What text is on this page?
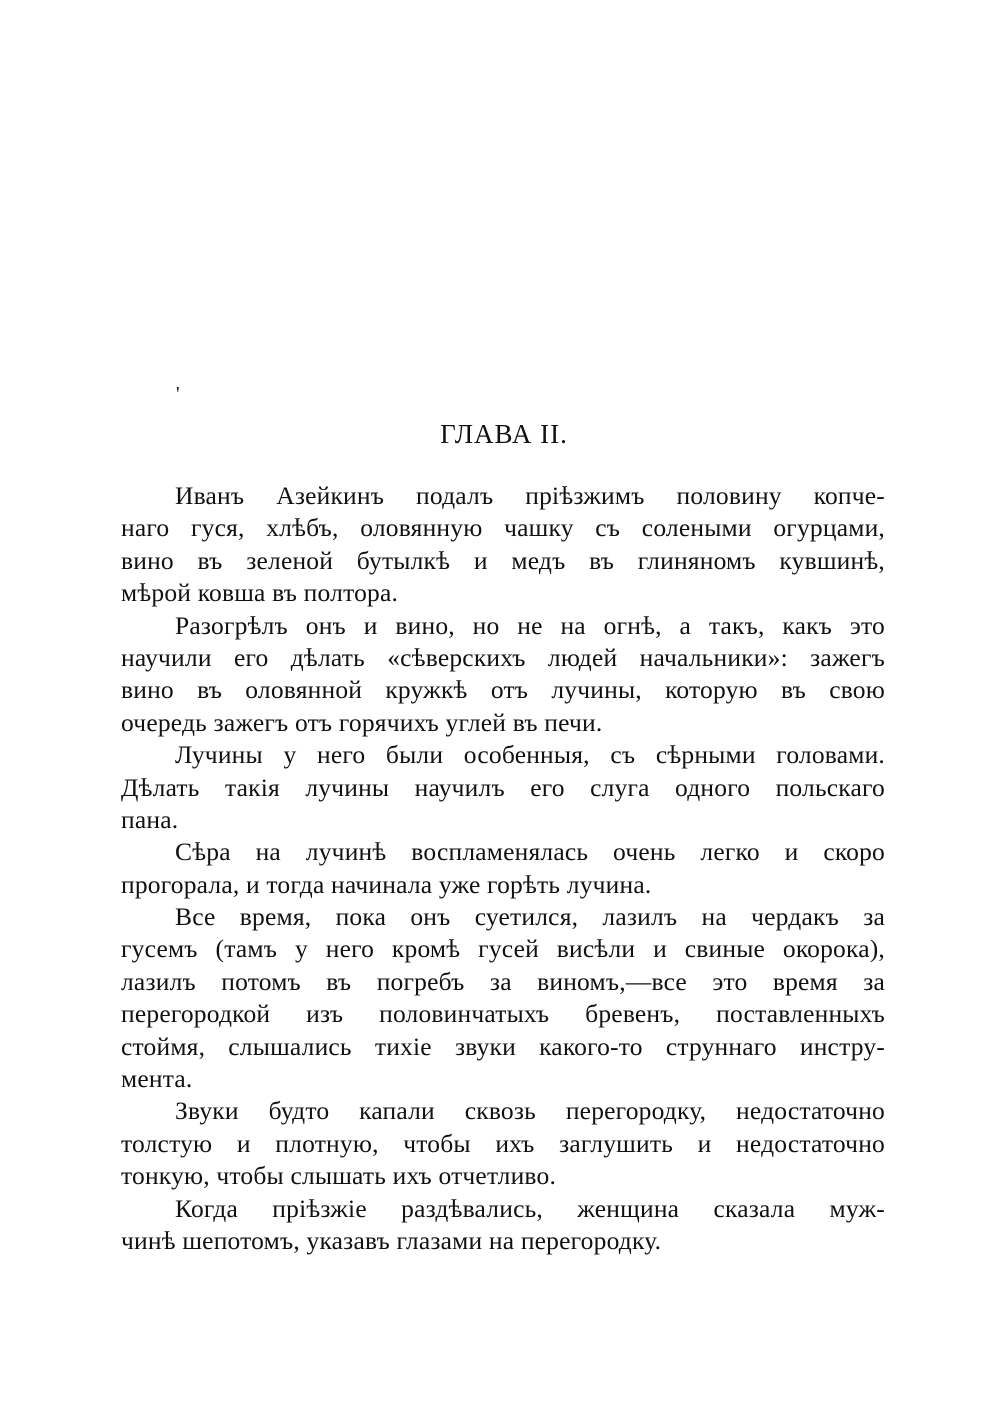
'
ГЛАВА II.
Иванъ Азейкинъ подалъ прiѣзжимъ половину копче-
наго гуся, хлѣбъ, оловянную чашку съ солеными огурцами,
вино въ зеленой бутылкѣ и медъ въ глиняномъ кувшинѣ,
мѣрой ковша въ полтора.
Разогрѣлъ онъ и вино, но не на огнѣ, а такъ, какъ это
научили его дѣлать «сѣверскихъ людей начальники»: зажегъ
вино въ оловянной кружкѣ отъ лучины, которую въ свою
очередь зажегъ отъ горячихъ углей въ печи.
Лучины у него были особенныя, съ сѣрными головами.
Дѣлать такiя лучины научилъ его слуга одного польскаго
пана.
Сѣра на лучинѣ воспламенялась очень легко и скоро
прогорала, и тогда начинала уже горѣть лучина.
Все время, пока онъ суетился, лазилъ на чердакъ за
гусемъ (тамъ у него кромѣ гусей висѣли и свиные окорока),
лазилъ потомъ въ погребъ за виномъ,—все это время за
перегородкой изъ половинчатыхъ бревенъ, поставленныхъ
стоймя, слышались тихiе звуки какого-то струннаго инстру-
мента.
Звуки будто капали сквозь перегородку, недостаточно
толстую и плотную, чтобы ихъ заглушить и недостаточно
тонкую, чтобы слышать ихъ отчетливо.
Когда прiѣзжiе раздѣвались, женщина сказала муж-
чинѣ шепотомъ, указавъ глазами на перегородку.
